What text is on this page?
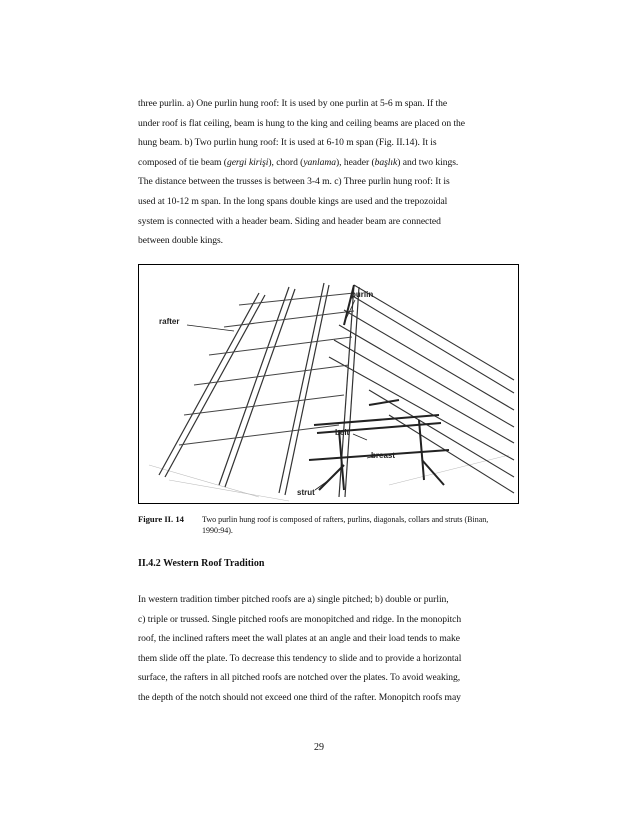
three purlin. a) One purlin hung roof: It is used by one purlin at 5-6 m span. If the
under roof is flat ceiling, beam is hung to the king and ceiling beams are placed on the
hung beam. b) Two purlin hung roof: It is used at 6-10 m span (Fig. II.14). It is
composed of tie beam (gergi kirişi), chord (yanlama), header (başlık) and two kings.
The distance between the trusses is between 3-4 m. c) Three purlin hung roof: It is
used at 10-12 m span. In the long spans double kings are used and the trepozoidal
system is connected with a header beam. Siding and header beam are connected
between double kings.
rafter
purlin
belt
breast
strut
Figure II. 14 Two purlin hung roof is composed of rafters, purlins, diagonals, collars and struts (Binan, 1990:94).
II.4.2 Western Roof Tradition
In western tradition timber pitched roofs are a) single pitched; b) double or purlin,
c) triple or trussed. Single pitched roofs are monopitched and ridge. In the monopitch
roof, the inclined rafters meet the wall plates at an angle and their load tends to make
them slide off the plate. To decrease this tendency to slide and to provide a horizontal
surface, the rafters in all pitched roofs are notched over the plates. To avoid weaking,
the depth of the notch should not exceed one third of the rafter. Monopitch roofs may
29
